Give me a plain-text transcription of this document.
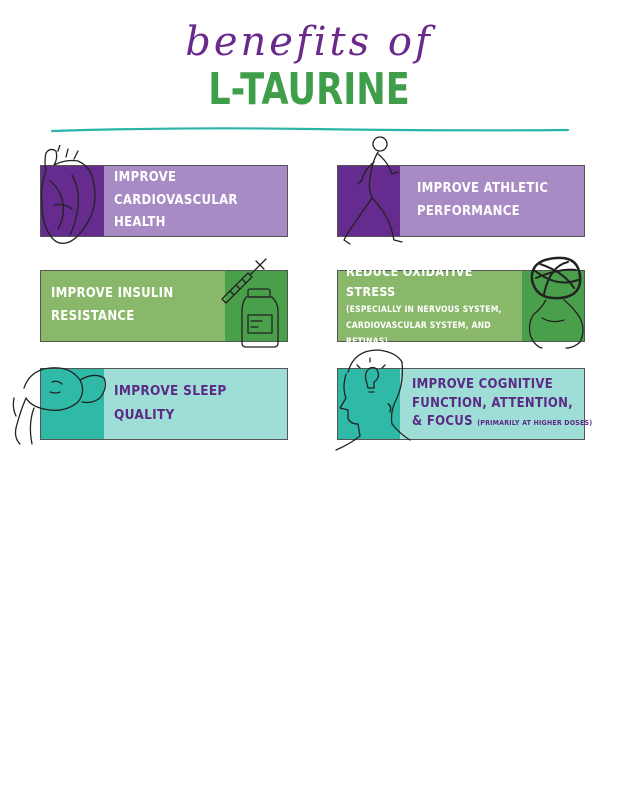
benefits of
L-TAURINE
IMPROVE CARDIOVASCULAR
HEALTH
IMPROVE ATHLETIC
PERFORMANCE
IMPROVE INSULIN
RESISTANCE
REDUCE OXIDATIVE STRESS
(ESPECIALLY IN NERVOUS SYSTEM,
CARDIOVASCULAR SYSTEM, AND RETINAS)
IMPROVE SLEEP QUALITY
IMPROVE COGNITIVE
FUNCTION, ATTENTION,
& FOCUS (PRIMARILY AT HIGHER DOSES)
